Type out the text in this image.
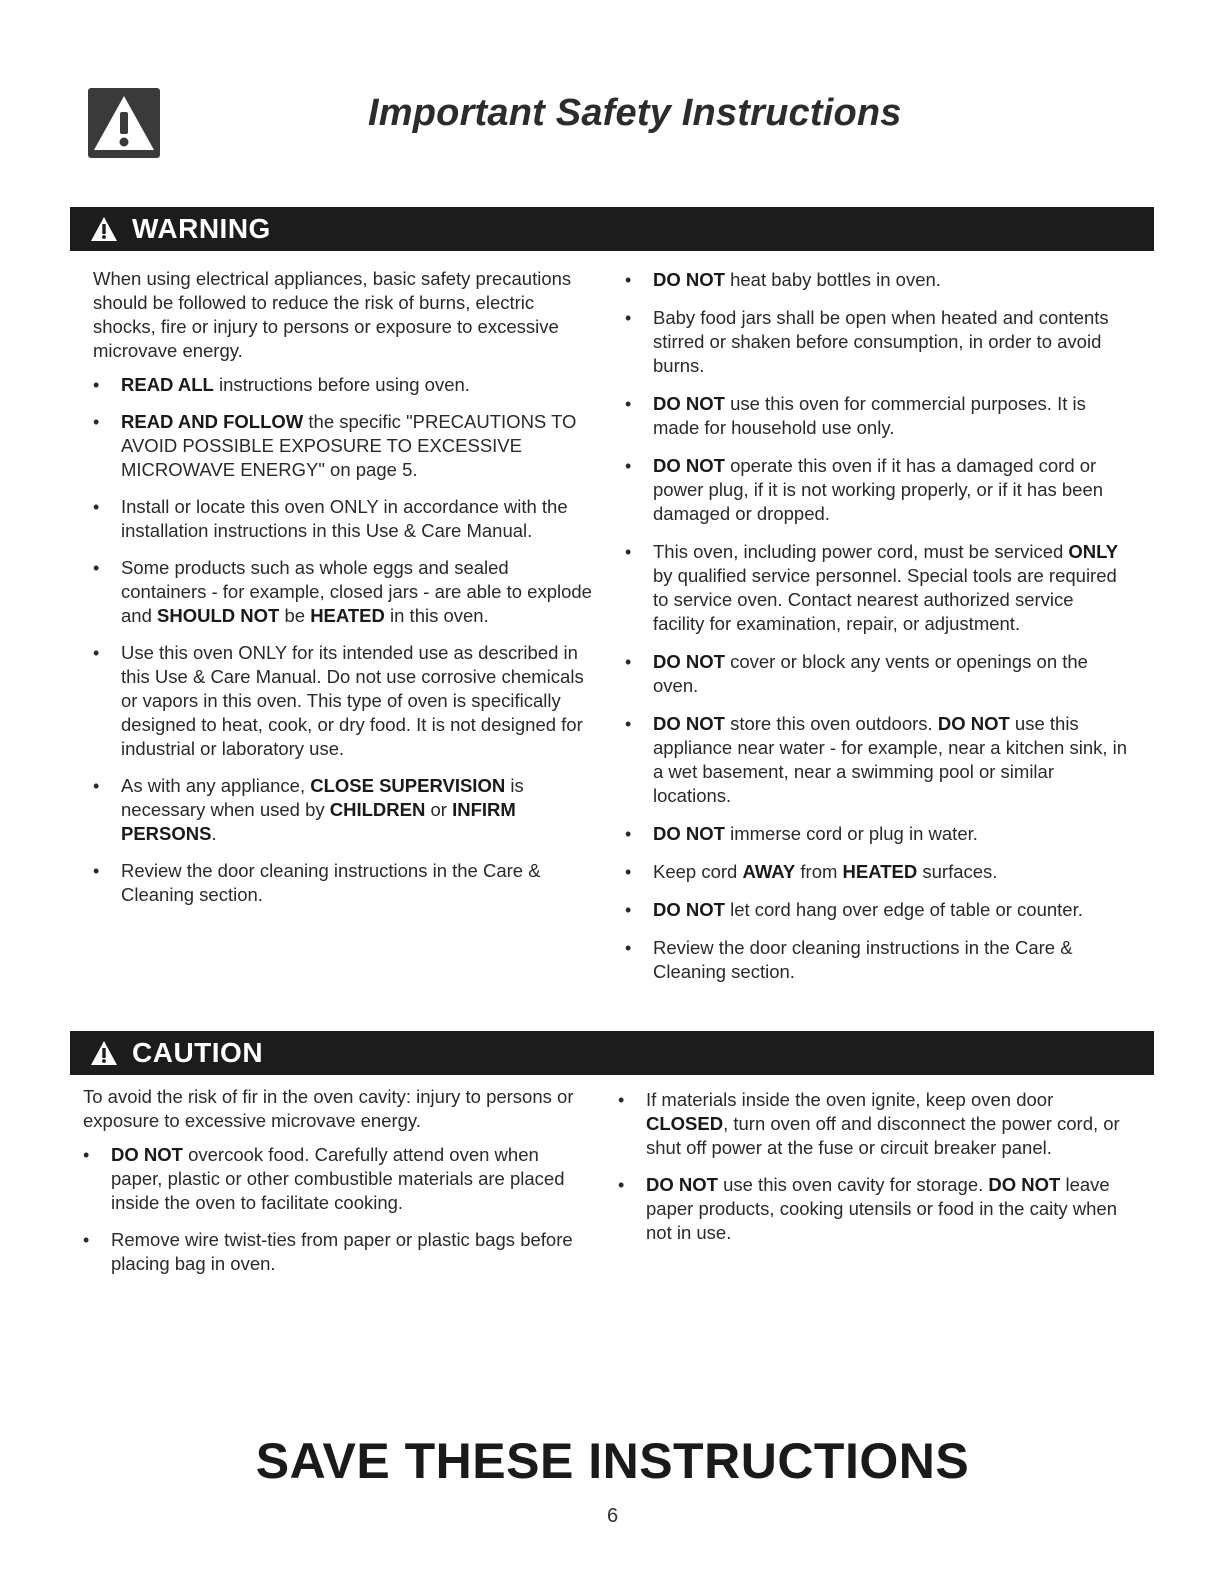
Important Safety Instructions
WARNING

When using electrical appliances, basic safety precautions should be followed to reduce the risk of burns, electric shocks, fire or injury to persons or exposure to excessive microvave energy.

• READ ALL instructions before using oven.
• READ AND FOLLOW the specific "PRECAUTIONS TO AVOID POSSIBLE EXPOSURE TO EXCESSIVE MICROWAVE ENERGY" on page 5.
• Install or locate this oven ONLY in accordance with the installation instructions in this Use & Care Manual.
• Some products such as whole eggs and sealed containers - for example, closed jars - are able to explode and SHOULD NOT be HEATED in this oven.
• Use this oven ONLY for its intended use as described in this Use & Care Manual. Do not use corrosive chemicals or vapors in this oven. This type of oven is specifically designed to heat, cook, or dry food. It is not designed for industrial or laboratory use.
• As with any appliance, CLOSE SUPERVISION is necessary when used by CHILDREN or INFIRM PERSONS.
• Review the door cleaning instructions in the Care & Cleaning section.
• DO NOT heat baby bottles in oven.
• Baby food jars shall be open when heated and contents stirred or shaken before consumption, in order to avoid burns.
• DO NOT use this oven for commercial purposes. It is made for household use only.
• DO NOT operate this oven if it has a damaged cord or power plug, if it is not working properly, or if it has been damaged or dropped.
• This oven, including power cord, must be serviced ONLY by qualified service personnel. Special tools are required to service oven. Contact nearest authorized service facility for examination, repair, or adjustment.
• DO NOT cover or block any vents or openings on the oven.
• DO NOT store this oven outdoors. DO NOT use this appliance near water - for example, near a kitchen sink, in a wet basement, near a swimming pool or similar locations.
• DO NOT immerse cord or plug in water.
• Keep cord AWAY from HEATED surfaces.
• DO NOT let cord hang over edge of table or counter.
• Review the door cleaning instructions in the Care & Cleaning section.
CAUTION

To avoid the risk of fir in the oven cavity: injury to persons or exposure to excessive microvave energy.

• DO NOT overcook food. Carefully attend oven when paper, plastic or other combustible materials are placed inside the oven to facilitate cooking.
• Remove wire twist-ties from paper or plastic bags before placing bag in oven.
• If materials inside the oven ignite, keep oven door CLOSED, turn oven off and disconnect the power cord, or shut off power at the fuse or circuit breaker panel.
• DO NOT use this oven cavity for storage. DO NOT leave paper products, cooking utensils or food in the caity when not in use.
SAVE THESE INSTRUCTIONS
6
